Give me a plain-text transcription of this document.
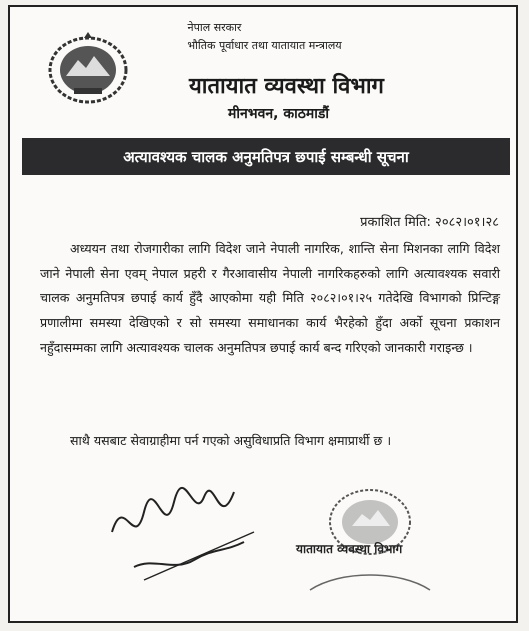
नेपाल सरकार
भौतिक पूर्वाधार तथा यातायात मन्त्रालय
यातायात व्यवस्था विभाग
मीनभवन, काठमाडौं
अत्यावश्यक चालक अनुमतिपत्र छपाई सम्बन्धी सूचना
प्रकाशित मिति: २०८२।०१।२८
अध्ययन तथा रोजगारीका लागि विदेश जाने नेपाली नागरिक, शान्ति सेना मिशनका लागि विदेश जाने नेपाली सेना एवम् नेपाल प्रहरी र गैरआवासीय नेपाली नागरिकहरुको लागि अत्यावश्यक सवारी चालक अनुमतिपत्र छपाई कार्य हुँदै आएकोमा यही मिति २०८२।०१।२५ गतेदेखि विभागको प्रिन्टिङ्ग प्रणालीमा समस्या देखिएको र सो समस्या समाधानका कार्य भैरहेको हुँदा अर्को सूचना प्रकाशन नहुँदासम्मका लागि अत्यावश्यक चालक अनुमतिपत्र छपाई कार्य बन्द गरिएको जानकारी गराइन्छ ।
साथै यसबाट सेवाग्राहीमा पर्न गएको असुविधाप्रति विभाग क्षमाप्रार्थी छ ।
यातायात व्यवस्था विभाग
